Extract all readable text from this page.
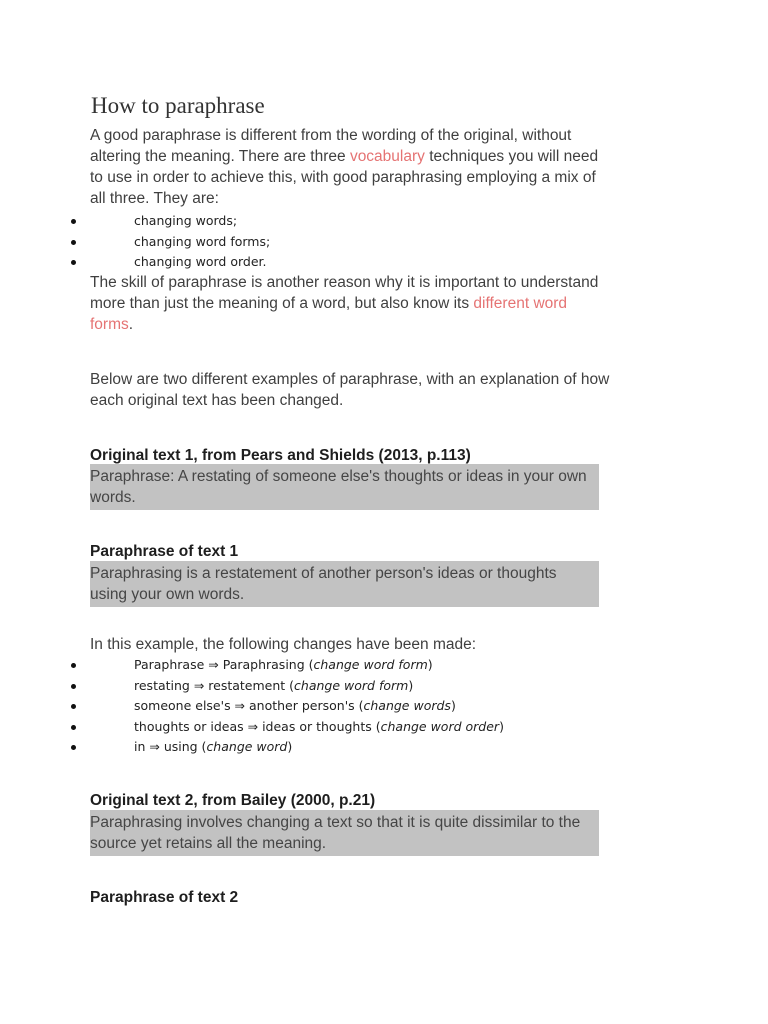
How to paraphrase

A good paraphrase is different from the wording of the original, without altering the meaning. There are three vocabulary techniques you will need to use in order to achieve this, with good paraphrasing employing a mix of all three. They are:

changing words;
changing word forms;
changing word order.

The skill of paraphrase is another reason why it is important to understand more than just the meaning of a word, but also know its different word forms.

Below are two different examples of paraphrase, with an explanation of how each original text has been changed.

Original text 1, from Pears and Shields (2013, p.113)

Paraphrase: A restating of someone else's thoughts or ideas in your own words.

Paraphrase of text 1

Paraphrasing is a restatement of another person's ideas or thoughts using your own words.

In this example, the following changes have been made:

Paraphrase ⇒ Paraphrasing (change word form)
restating ⇒ restatement (change word form)
someone else's ⇒ another person's (change words)
thoughts or ideas ⇒ ideas or thoughts (change word order)
in ⇒ using (change word)
Original text 2, from Bailey (2000, p.21)

Paraphrasing involves changing a text so that it is quite dissimilar to the source yet retains all the meaning.

Paraphrase of text 2
